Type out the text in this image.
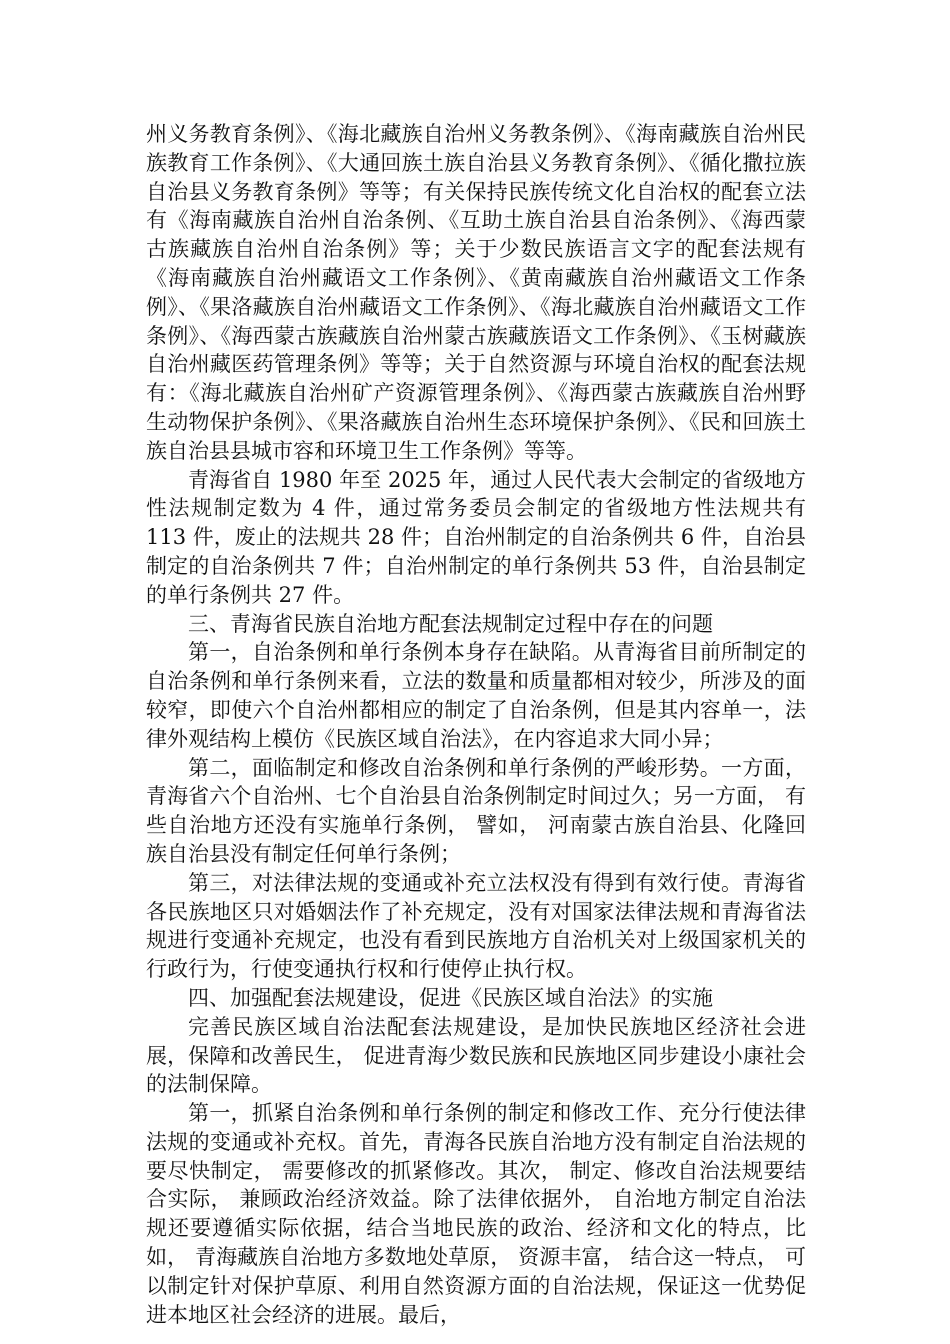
州义务教育条例》、《海北藏族自治州义务教条例》、《海南藏族自治州民族教育工作条例》、《大通回族土族自治县义务教育条例》、《循化撒拉族自治县义务教育条例》等等；有关保持民族传统文化自治权的配套立法有《海南藏族自治州自治条例、《互助土族自治县自治条例》、《海西蒙古族藏族自治州自治条例》等；关于少数民族语言文字的配套法规有《海南藏族自治州藏语文工作条例》、《黄南藏族自治州藏语文工作条例》、《果洛藏族自治州藏语文工作条例》、《海北藏族自治州藏语文工作条例》、《海西蒙古族藏族自治州蒙古族藏族语文工作条例》、《玉树藏族自治州藏医药管理条例》等等；关于自然资源与环境自治权的配套法规有：《海北藏族自治州矿产资源管理条例》、《海西蒙古族藏族自治州野生动物保护条例》、《果洛藏族自治州生态环境保护条例》、《民和回族土族自治县县城市容和环境卫生工作条例》等等。

青海省自 1980 年至 2025 年，通过人民代表大会制定的省级地方性法规制定数为 4 件，通过常务委员会制定的省级地方性法规共有 113 件，废止的法规共 28 件；自治州制定的自治条例共 6 件，自治县制定的自治条例共 7 件；自治州制定的单行条例共 53 件，自治县制定的单行条例共 27 件。

三、青海省民族自治地方配套法规制定过程中存在的问题

第一，自治条例和单行条例本身存在缺陷。从青海省目前所制定的自治条例和单行条例来看，立法的数量和质量都相对较少，所涉及的面较窄，即使六个自治州都相应的制定了自治条例，但是其内容单一，法律外观结构上模仿《民族区域自治法》，在内容追求大同小异；

第二，面临制定和修改自治条例和单行条例的严峻形势。一方面，青海省六个自治州、七个自治县自治条例制定时间过久；另一方面， 有些自治地方还没有实施单行条例， 譬如， 河南蒙古族自治县、化隆回族自治县没有制定任何单行条例；

第三，对法律法规的变通或补充立法权没有得到有效行使。青海省各民族地区只对婚姻法作了补充规定，没有对国家法律法规和青海省法规进行变通补充规定，也没有看到民族地方自治机关对上级国家机关的行政行为，行使变通执行权和行使停止执行权。

四、加强配套法规建设，促进《民族区域自治法》的实施

完善民族区域自治法配套法规建设，是加快民族地区经济社会进展，保障和改善民生， 促进青海少数民族和民族地区同步建设小康社会的法制保障。

第一，抓紧自治条例和单行条例的制定和修改工作、充分行使法律法规的变通或补充权。首先，青海各民族自治地方没有制定自治法规的要尽快制定， 需要修改的抓紧修改。其次， 制定、修改自治法规要结合实际， 兼顾政治经济效益。除了法律依据外， 自治地方制定自治法规还要遵循实际依据，结合当地民族的政治、经济和文化的特点，比如， 青海藏族自治地方多数地处草原， 资源丰富， 结合这一特点， 可以制定针对保护草原、利用自然资源方面的自治法规，保证这一优势促进本地区社会经济的进展。最后，
